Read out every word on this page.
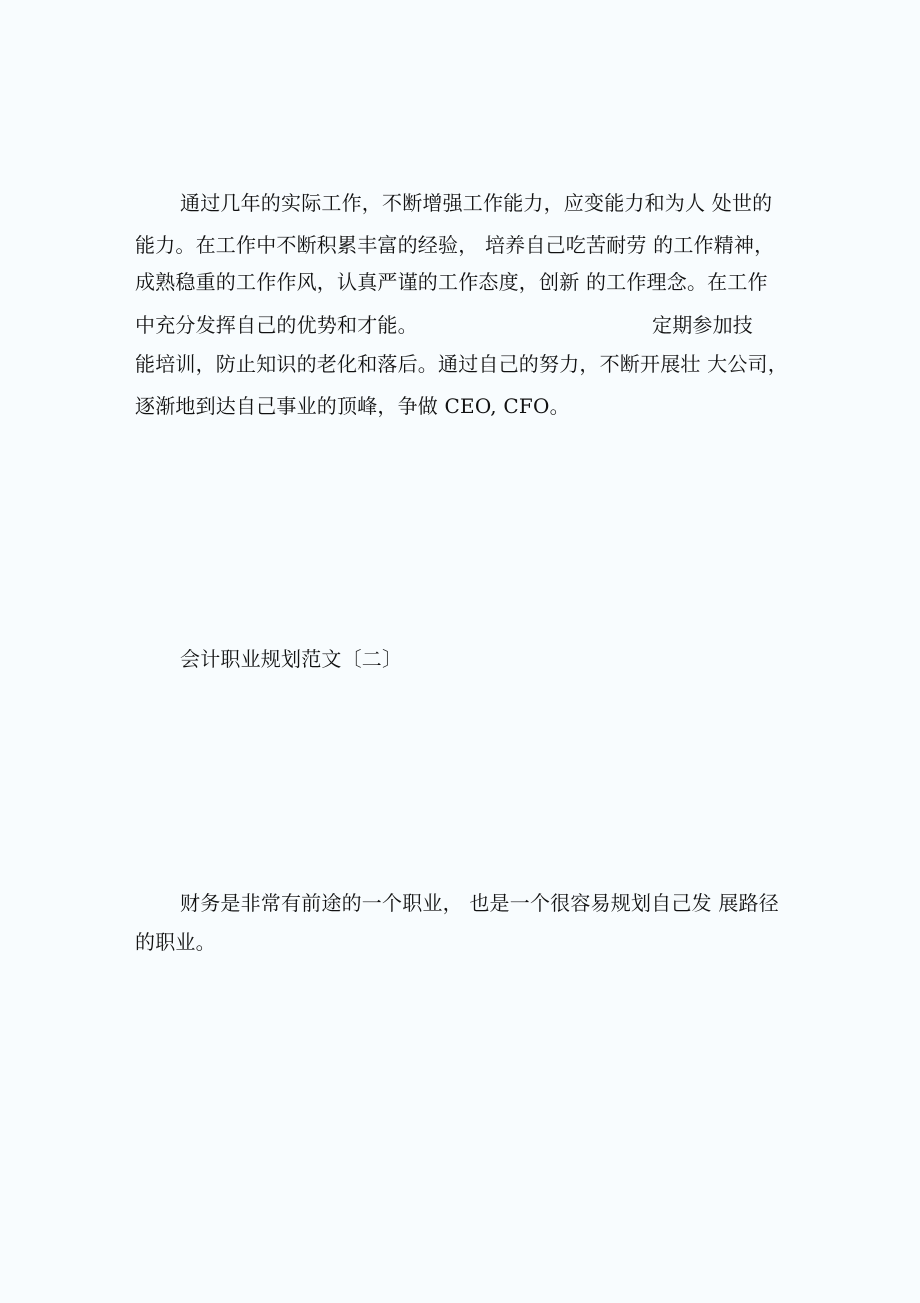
通过几年的实际工作，不断增强工作能力，应变能力和为人 处世的
能力。在工作中不断积累丰富的经验， 培养自己吃苦耐劳 的工作精神，
成熟稳重的工作作风，认真严谨的工作态度，创新 的工作理念。在工作
中充分发挥自己的优势和才能。	定期参加技
能培训，防止知识的老化和落后。通过自己的努力，不断开展壮 大公司，
逐渐地到达自己事业的顶峰，争做 CEO, CFO。
会计职业规划范文〔二〕
财务是非常有前途的一个职业， 也是一个很容易规划自己发 展路径
的职业。
